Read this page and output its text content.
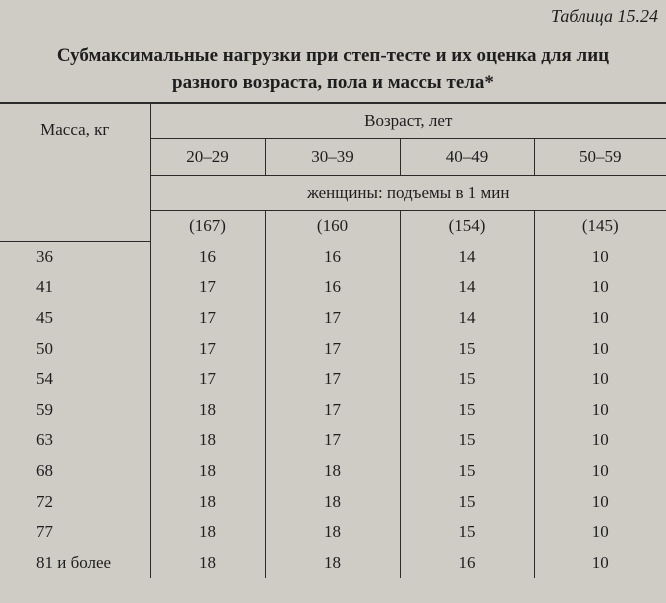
Таблица 15.24
Субмаксимальные нагрузки при степ-тесте и их оценка для лиц
разного возраста, пола и массы тела*
Масса, кг	Возраст, лет			
	20–29	30–39	40–49	50–59
	женщины: подъемы в 1 мин			
	(167)	(160	(154)	(145)
36	16	16	14	10
41	17	16	14	10
45	17	17	14	10
50	17	17	15	10
54	17	17	15	10
59	18	17	15	10
63	18	17	15	10
68	18	18	15	10
72	18	18	15	10
77	18	18	15	10
81 и более	18	18	16	10
